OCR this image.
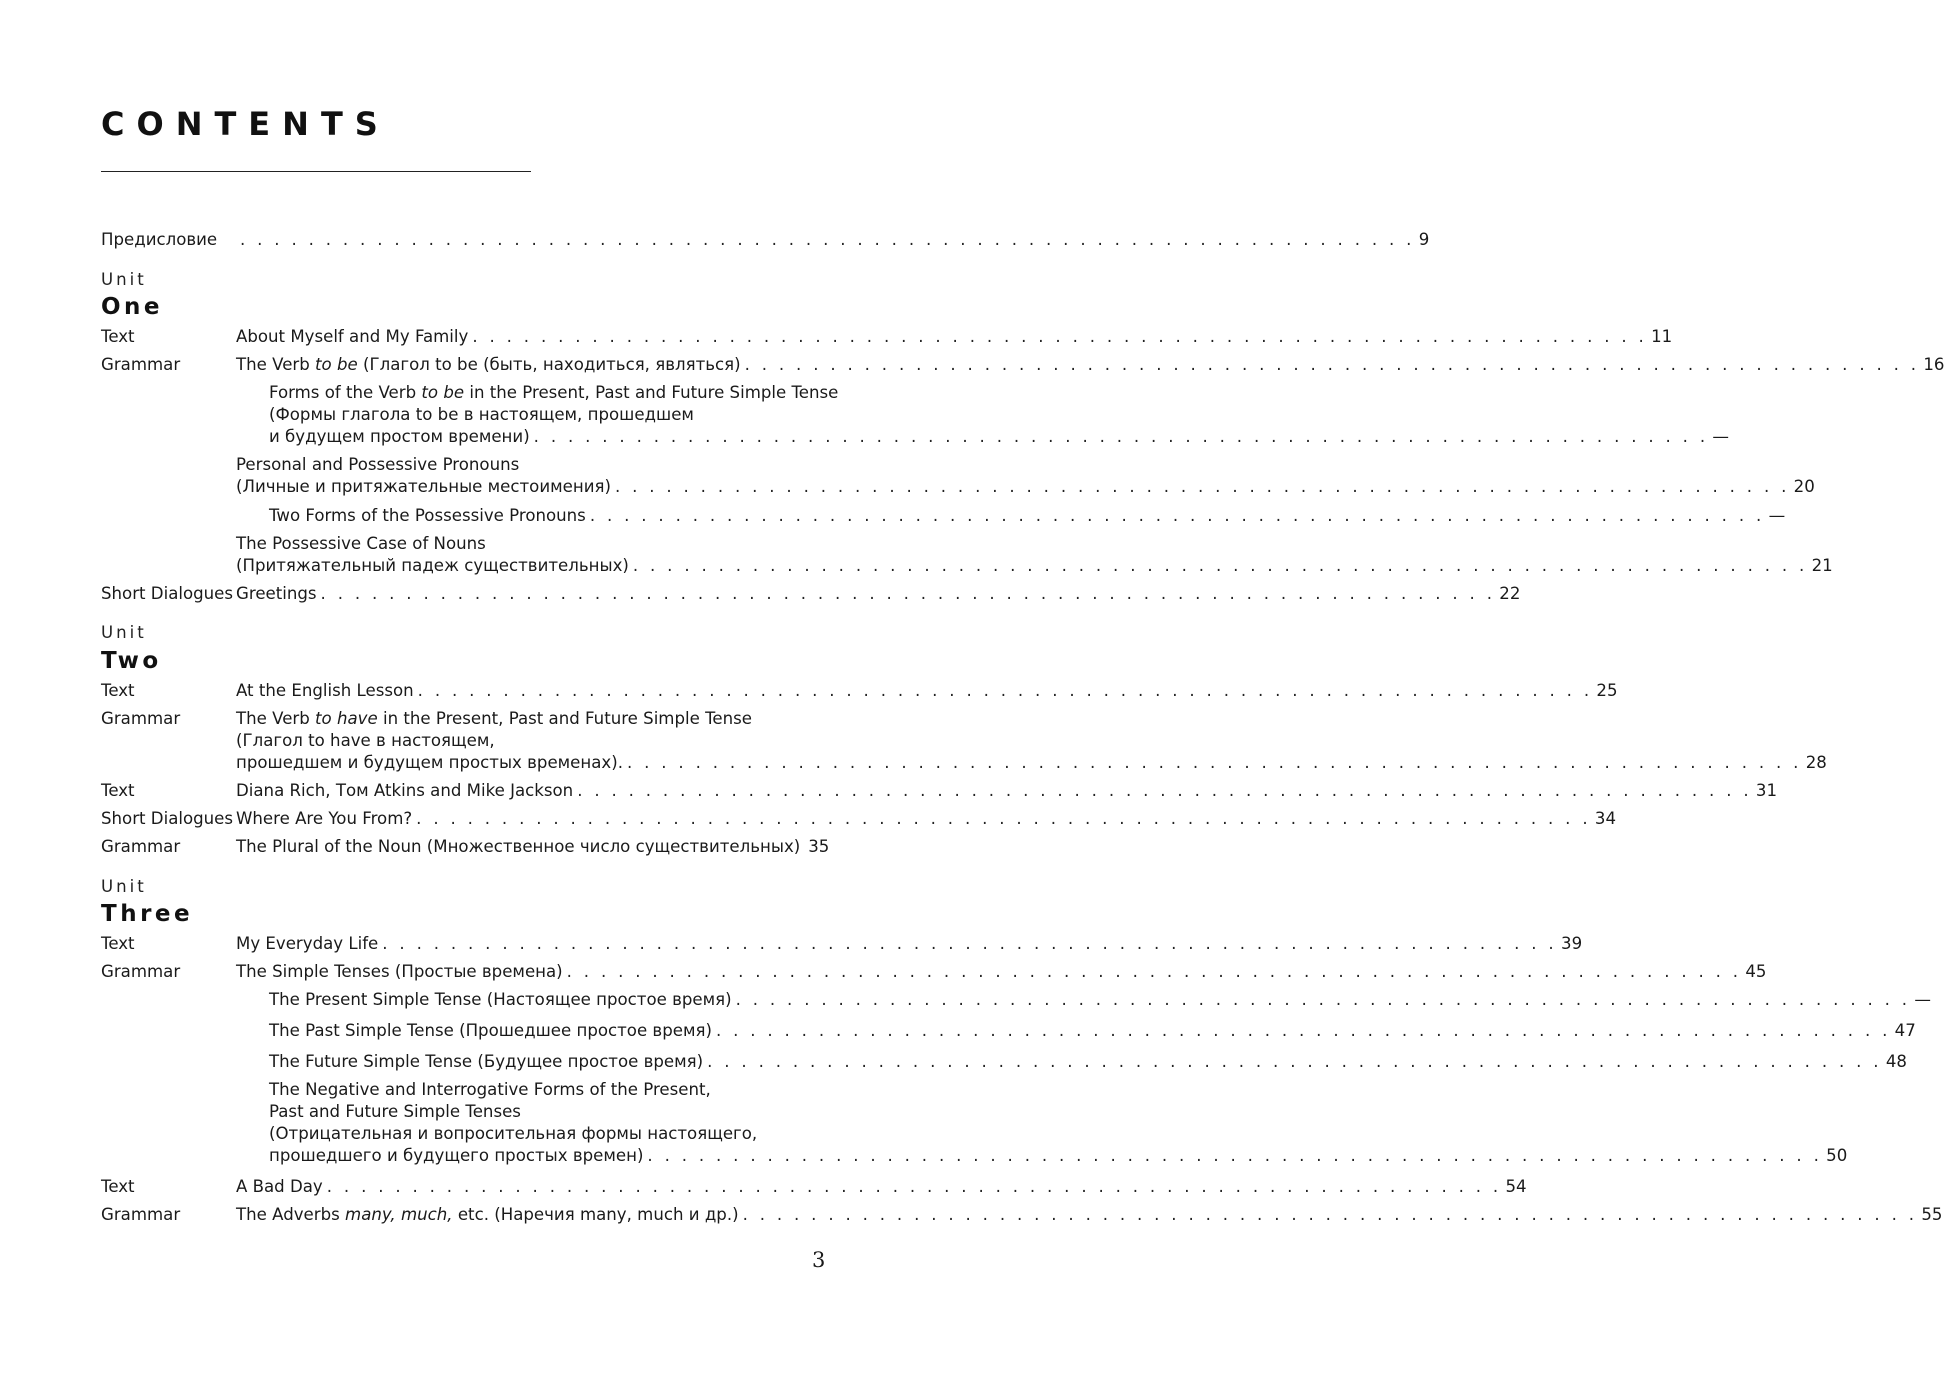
CONTENTS
Предисловие . . . . . . . . . . . . . . . . . . . . . . . . . . . . . . . . . . . . . . . . . . . . . . . . . . . . . . . . . . . . . . . . . . . . . 9
Unit
One
Text	About Myself and My Family . . . . . . . . . . . . . . . . . . . . . . . . . . . . . . . . . . . . . . . . . . . . . . . . . . . . . . . . . . . . . . . . . . . . . 11
Grammar	The Verb to be (Глагол to be (быть, находиться, являться) . . . . . . . . . . . . . . . . . . . . . . . . . . . . . . . . . . . . . . . . . . . . . . . . . . . . . . . . . . . . . . . . . . . . . 16
Forms of the Verb to be in the Present, Past and Future Simple Tense
(Формы глагола to be в настоящем, прошедшем
и будущем простом времени) . . . . . . . . . . . . . . . . . . . . . . . . . . . . . . . . . . . . . . . . . . . . . . . . . . . . . . . . . . . . . . . . . . . . . —
Personal and Possessive Pronouns
(Личные и притяжательные местоимения) . . . . . . . . . . . . . . . . . . . . . . . . . . . . . . . . . . . . . . . . . . . . . . . . . . . . . . . . . . . . . . . . . . . . . 20
Two Forms of the Possessive Pronouns . . . . . . . . . . . . . . . . . . . . . . . . . . . . . . . . . . . . . . . . . . . . . . . . . . . . . . . . . . . . . . . . . . . . . —
The Possessive Case of Nouns
(Притяжательный падеж существительных) . . . . . . . . . . . . . . . . . . . . . . . . . . . . . . . . . . . . . . . . . . . . . . . . . . . . . . . . . . . . . . . . . . . . . 21
Short Dialogues Greetings . . . . . . . . . . . . . . . . . . . . . . . . . . . . . . . . . . . . . . . . . . . . . . . . . . . . . . . . . . . . . . . . . . . . . 22
Unit
Two
Text	At the English Lesson . . . . . . . . . . . . . . . . . . . . . . . . . . . . . . . . . . . . . . . . . . . . . . . . . . . . . . . . . . . . . . . . . . . . . 25
Grammar	The Verb to have in the Present, Past and Future Simple Tense
(Глагол to have в настоящем,
прошедшем и будущем простых временах). . . . . . . . . . . . . . . . . . . . . . . . . . . . . . . . . . . . . . . . . . . . . . . . . . . . . . . . . . . . . . . . . . . . . . 28
Text	Diana Rich, Том Atkins and Mike Jackson . . . . . . . . . . . . . . . . . . . . . . . . . . . . . . . . . . . . . . . . . . . . . . . . . . . . . . . . . . . . . . . . . . . . . 31
Short Dialogues Where Are You From? . . . . . . . . . . . . . . . . . . . . . . . . . . . . . . . . . . . . . . . . . . . . . . . . . . . . . . . . . . . . . . . . . . . . . 34
Grammar	The Plural of the Noun (Множественное число существительных) 35
Unit
Three
Text	My Everyday Life . . . . . . . . . . . . . . . . . . . . . . . . . . . . . . . . . . . . . . . . . . . . . . . . . . . . . . . . . . . . . . . . . . . . . 39
Grammar	The Simple Tenses (Простые времена) . . . . . . . . . . . . . . . . . . . . . . . . . . . . . . . . . . . . . . . . . . . . . . . . . . . . . . . . . . . . . . . . . . . . . 45
The Present Simple Tense (Настоящее простое время) . . . . . . . . . . . . . . . . . . . . . . . . . . . . . . . . . . . . . . . . . . . . . . . . . . . . . . . . . . . . . . . . . . . . . —
The Past Simple Tense (Прошедшее простое время) . . . . . . . . . . . . . . . . . . . . . . . . . . . . . . . . . . . . . . . . . . . . . . . . . . . . . . . . . . . . . . . . . . . . . 47
The Future Simple Tense (Будущее простое время) . . . . . . . . . . . . . . . . . . . . . . . . . . . . . . . . . . . . . . . . . . . . . . . . . . . . . . . . . . . . . . . . . . . . . 48
The Negative and Interrogative Forms of the Present,
Past and Future Simple Tenses
(Отрицательная и вопросительная формы настоящего,
прошедшего и будущего простых времен) . . . . . . . . . . . . . . . . . . . . . . . . . . . . . . . . . . . . . . . . . . . . . . . . . . . . . . . . . . . . . . . . . . . . . 50
Text	A Bad Day . . . . . . . . . . . . . . . . . . . . . . . . . . . . . . . . . . . . . . . . . . . . . . . . . . . . . . . . . . . . . . . . . . . . . 54
Grammar	The Adverbs many, much, etc. (Наречия many, much и др.) . . . . . . . . . . . . . . . . . . . . . . . . . . . . . . . . . . . . . . . . . . . . . . . . . . . . . . . . . . . . . . . . . . . . . 55
3
